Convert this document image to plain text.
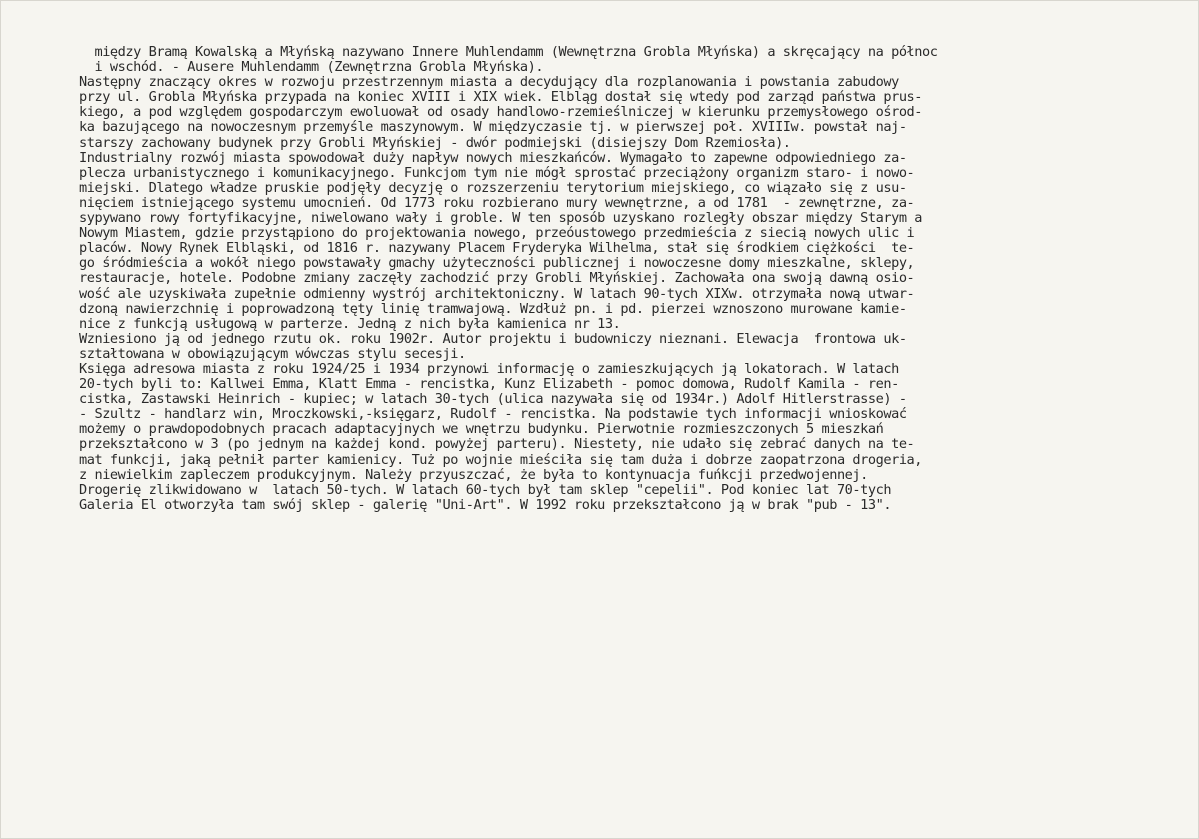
między Bramą Kowalską a Młyńską nazywano Innere Muhlendamm (Wewnętrzna Grobla Młyńska) a skręcający na północ
i wschód. - Ausere Muhlendamm (Zewnętrzna Grobla Młyńska).
Następny znaczący okres w rozwoju przestrzennym miasta a decydujący dla rozplanowania i powstania zabudowy
przy ul. Grobla Młyńska przypada na koniec XVIII i XIX wiek. Elbląg dostał się wtedy pod zarząd państwa prus-
kiego, a pod względem gospodarczym ewoluował od osady handlowo-rzemieślniczej w kierunku przemysłowego ośrod-
ka bazującego na nowoczesnym przemyśle maszynowym. W międzyczasie tj. w pierwszej poł. XVIIIw. powstał naj-
starszy zachowany budynek przy Grobli Młyńskiej - dwór podmiejski (disiejszy Dom Rzemiosła).
Industrialny rozwój miasta spowodował duży napływ nowych mieszkańców. Wymagało to zapewne odpowiedniego za-
plecza urbanistycznego i komunikacyjnego. Funkcjom tym nie mógł sprostać przeciążony organizm staro- i nowo-
miejski. Dlatego władze pruskie podjęły decyzję o rozszerzeniu terytorium miejskiego, co wiązało się z usu-
nięciem istniejącego systemu umocnień. Od 1773 roku rozbierano mury wewnętrzne, a od 1781  - zewnętrzne, za-
sypywano rowy fortyfikacyjne, niwelowano wały i groble. W ten sposób uzyskano rozległy obszar między Starym a
Nowym Miastem, gdzie przystąpiono do projektowania nowego, przeóustowego przedmieścia z siecią nowych ulic i
placów. Nowy Rynek Elbląski, od 1816 r. nazywany Placem Fryderyka Wilhelma, stał się środkiem ciężkości  te-
go śródmieścia a wokół niego powstawały gmachy użyteczności publicznej i nowoczesne domy mieszkalne, sklepy,
restauracje, hotele. Podobne zmiany zaczęły zachodzić przy Grobli Młyńskiej. Zachowała ona swoją dawną osio-
wość ale uzyskiwała zupełnie odmienny wystrój architektoniczny. W latach 90-tych XIXw. otrzymała nową utwar-
dzoną nawierzchnię i poprowadzoną tętу linię tramwajową. Wzdłuż pn. i pd. pierzei wznoszono murowane kamie-
nice z funkcją usługową w parterze. Jedną z nich była kamienica nr 13.
Wzniesiono ją od jednego rzutu ok. roku 1902r. Autor projektu i budowniczy nieznani. Elewacja  frontowa uk-
ształtowana w obowiązującym wówczas stylu secesji.
Księga adresowa miasta z roku 1924/25 i 1934 przynowi informację o zamieszkujących ją lokatorach. W latach
20-tych byli to: Kallwei Emma, Klatt Emma - rencistka, Kunz Elizabeth - pomoc domowa, Rudolf Kamila - ren-
cistka, Zastawski Heinrich - kupiec; w latach 30-tych (ulica nazywała się od 1934r.) Adolf Hitlerstrasse) -
- Szultz - handlarz win, Mroczkowski,-księgarz, Rudolf - rencistka. Na podstawie tych informacji wnioskować
możemy o prawdopodobnych pracach adaptacyjnych we wnętrzu budynku. Pierwotnie rozmieszczonych 5 mieszkań
przekształcono w 3 (po jednym na każdej kond. powyżej parteru). Niestety, nie udało się zebrać danych na te-
mat funkcji, jaką pełnił parter kamienicy. Tuż po wojnie mieściła się tam duża i dobrze zaopatrzona drogeria,
z niewielkim zapleczem produkcyjnym. Należy przyuszczać, że była to kontynuacja fuńkcji przedwojennej.
Drogerię zlikwidowano w  latach 50-tych. W latach 60-tych był tam sklep "cepelii". Pod koniec lat 70-tych
Galeria El otworzyła tam swój sklep - galerię "Uni-Art". W 1992 roku przekształcono ją w brak "pub - 13".
